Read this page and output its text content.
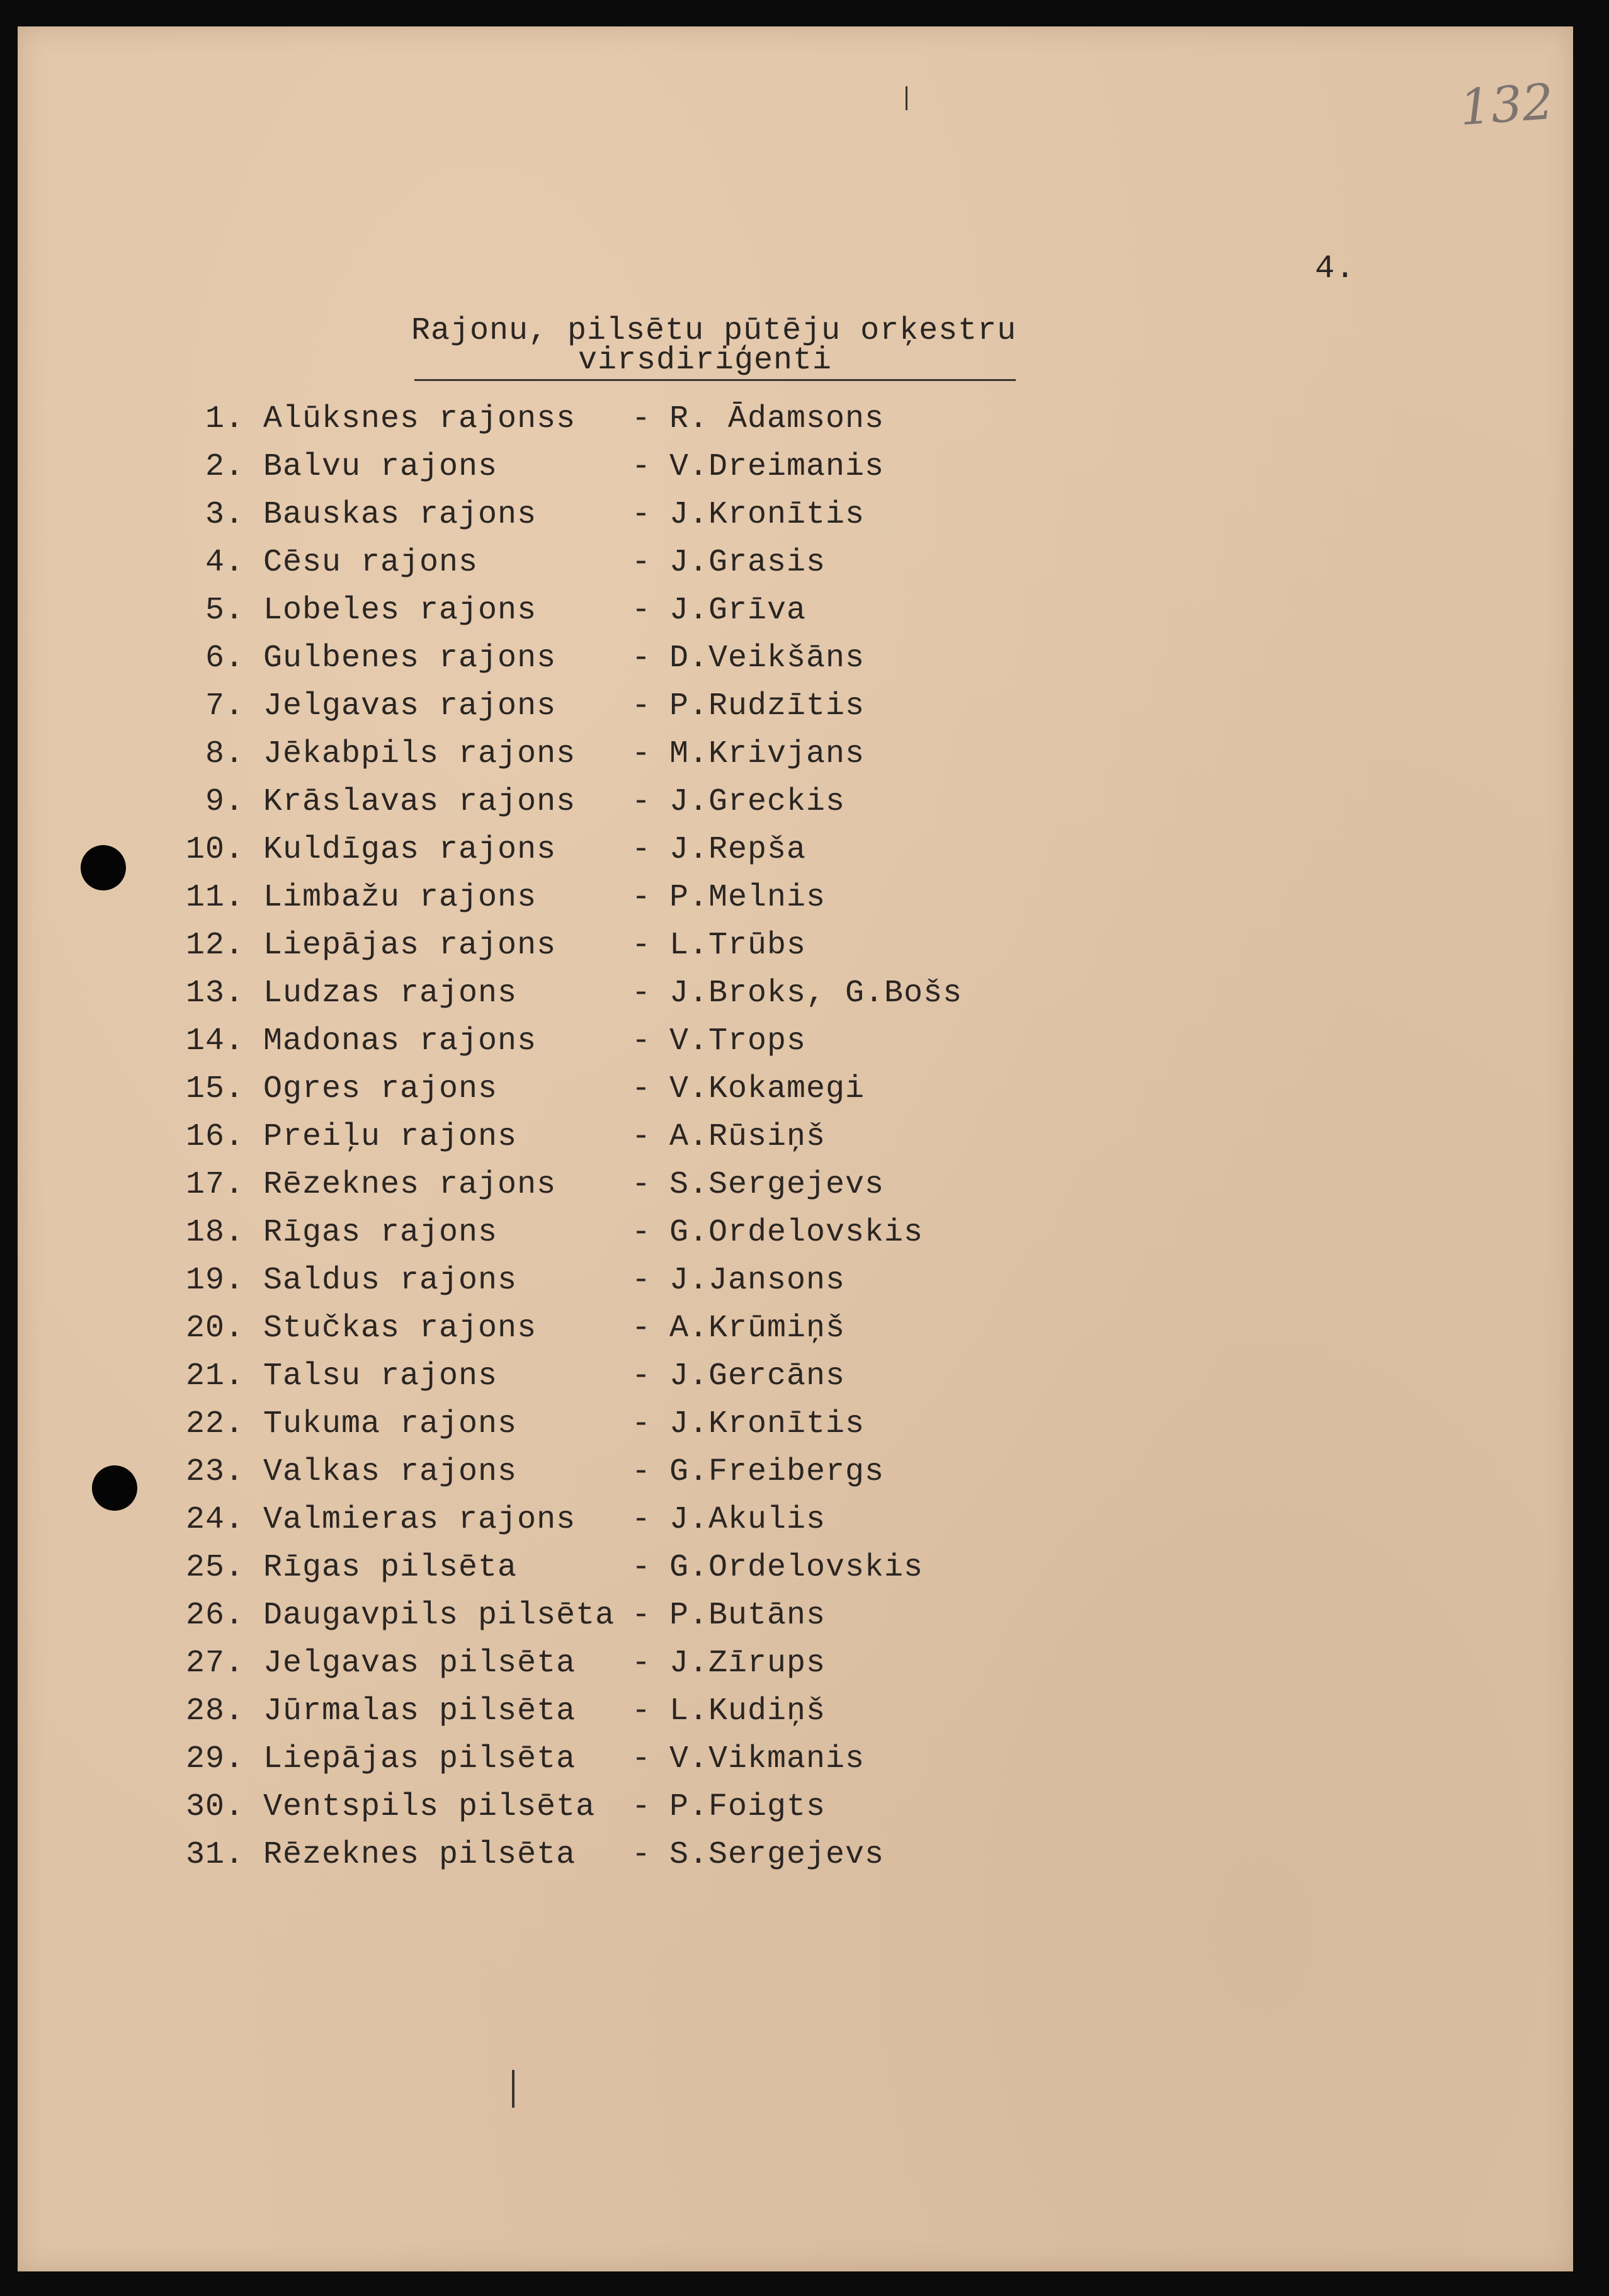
132
4.
Rajonu, pilsētu pūtēju orķestru
virsdiriģenti
1. Alūksnes rajonss - R. Ādamsons
2. Balvu rajons	- V.Dreimanis
3. Bauskas rajons	- J.Kronītis
4. Cēsu rajons	- J.Grasis
5. Lobeles rajons	- J.Grīva
6. Gulbenes rajons - D.Veikšāns
7. Jelgavas rajons - P.Rudzītis
8. Jēkabpils rajons - M.Krivjans
9. Krāslavas rajons - J.Greckis
10. Kuldīgas rajons - J.Repša
11. Limbažu rajons	- P.Melnis
12. Liepājas rajons - L.Trūbs
13. Ludzas rajons	- J.Broks, G.Bošs
14. Madonas rajons	- V.Trops
15. Ogres rajons	- V.Kokamegi
16. Preiļu rajons	- A.Rūsiņš
17. Rēzeknes rajons - S.Sergejevs
18. Rīgas rajons	- G.Ordelovskis
19. Saldus rajons	- J.Jansons
20. Stučkas rajons	- A.Krūmiņš
21. Talsu rajons	- J.Gercāns
22. Tukuma rajons	- J.Kronītis
23. Valkas rajons	- G.Freibergs
24. Valmieras rajons - J.Akulis
25. Rīgas pilsēta	- G.Ordelovskis
26. Daugavpils pilsēta - P.Butāns
27. Jelgavas pilsēta - J.Zīrups
28. Jūrmalas pilsēta - L.Kudiņš
29. Liepājas pilsēta - V.Vikmanis
30. Ventspils pilsēta - P.Foigts
31. Rēzeknes pilsēta - S.Sergejevs
